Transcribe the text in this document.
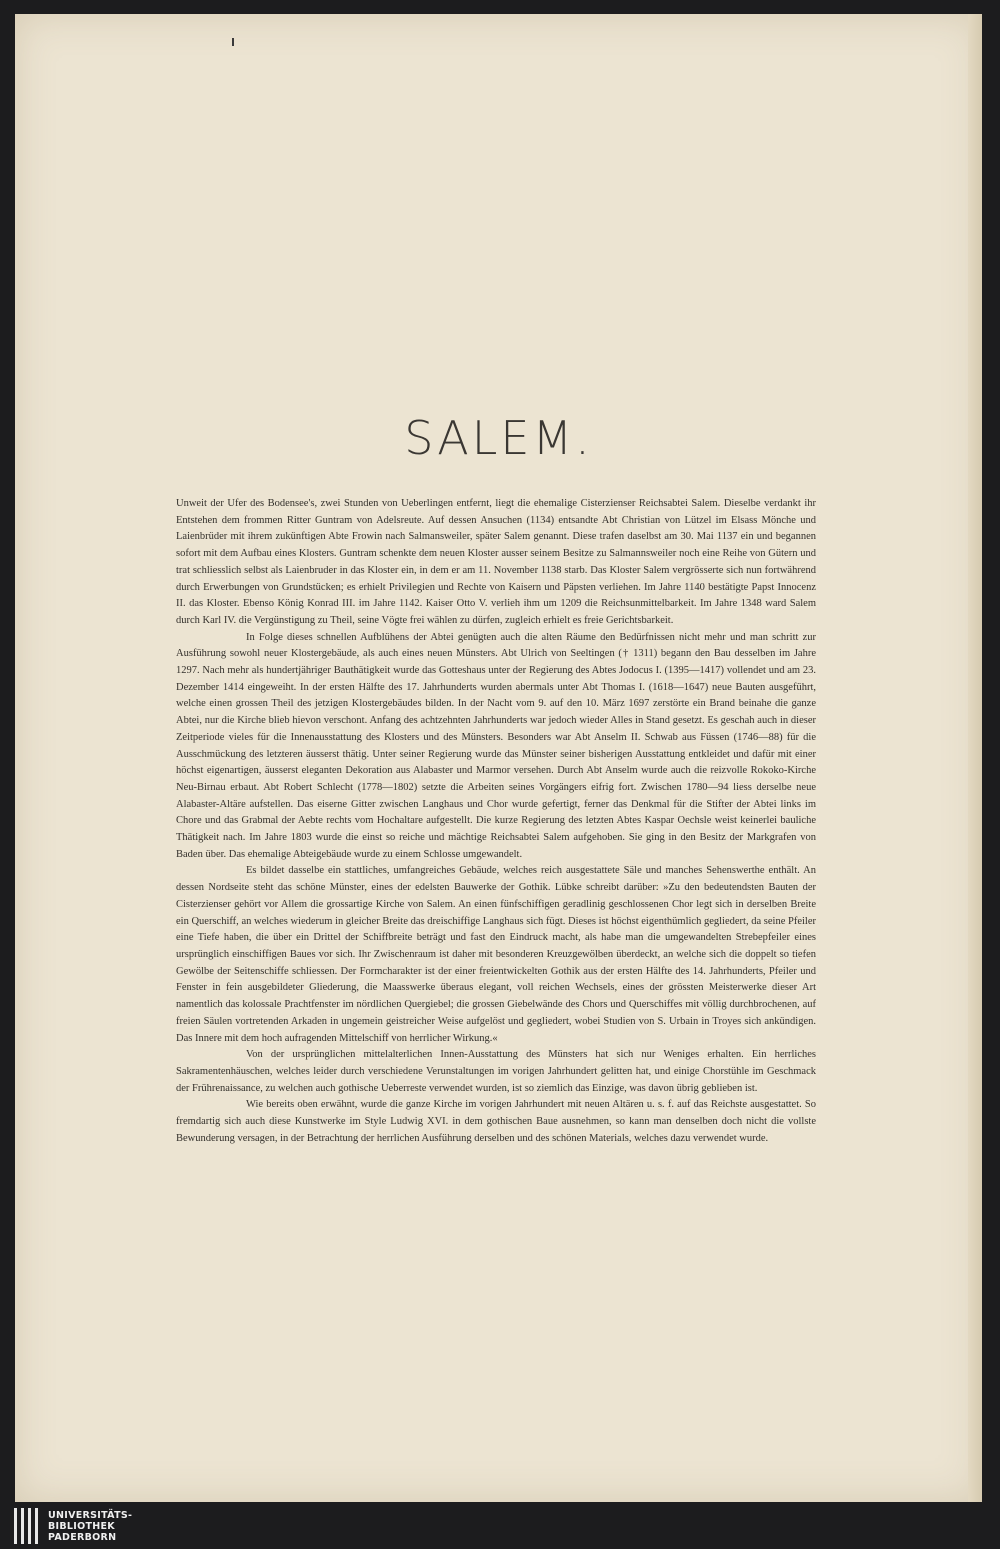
SALEM.

Unweit der Ufer des Bodensee's, zwei Stunden von Ueberlingen entfernt, liegt die ehemalige Cisterzienser Reichsabtei Salem. Dieselbe verdankt ihr Entstehen dem frommen Ritter Guntram von Adelsreute. Auf dessen Ansuchen (1134) entsandte Abt Christian von Lützel im Elsass Mönche und Laienbrüder mit ihrem zukünftigen Abte Frowin nach Salmansweiler, später Salem genannt. Diese trafen daselbst am 30. Mai 1137 ein und begannen sofort mit dem Aufbau eines Klosters. Guntram schenkte dem neuen Kloster ausser seinem Besitze zu Salmannsweiler noch eine Reihe von Gütern und trat schliesslich selbst als Laienbruder in das Kloster ein, in dem er am 11. November 1138 starb. Das Kloster Salem vergrösserte sich nun fortwährend durch Erwerbungen von Grundstücken; es erhielt Privilegien und Rechte von Kaisern und Päpsten verliehen. Im Jahre 1140 bestätigte Papst Innocenz II. das Kloster. Ebenso König Konrad III. im Jahre 1142. Kaiser Otto V. verlieh ihm um 1209 die Reichsunmittelbarkeit. Im Jahre 1348 ward Salem durch Karl IV. die Vergünstigung zu Theil, seine Vögte frei wählen zu dürfen, zugleich erhielt es freie Gerichtsbarkeit.

In Folge dieses schnellen Aufblühens der Abtei genügten auch die alten Räume den Bedürfnissen nicht mehr und man schritt zur Ausführung sowohl neuer Klostergebäude, als auch eines neuen Münsters. Abt Ulrich von Seeltingen († 1311) begann den Bau desselben im Jahre 1297. Nach mehr als hundertjähriger Bauthätigkeit wurde das Gotteshaus unter der Regierung des Abtes Jodocus I. (1395—1417) vollendet und am 23. Dezember 1414 eingeweiht. In der ersten Hälfte des 17. Jahrhunderts wurden abermals unter Abt Thomas I. (1618—1647) neue Bauten ausgeführt, welche einen grossen Theil des jetzigen Klostergebäudes bilden. In der Nacht vom 9. auf den 10. März 1697 zerstörte ein Brand beinahe die ganze Abtei, nur die Kirche blieb hievon verschont. Anfang des achtzehnten Jahrhunderts war jedoch wieder Alles in Stand gesetzt. Es geschah auch in dieser Zeitperiode vieles für die Innenausstattung des Klosters und des Münsters. Besonders war Abt Anselm II. Schwab aus Füssen (1746—88) für die Ausschmückung des letzteren äusserst thätig. Unter seiner Regierung wurde das Münster seiner bisherigen Ausstattung entkleidet und dafür mit einer höchst eigenartigen, äusserst eleganten Dekoration aus Alabaster und Marmor versehen. Durch Abt Anselm wurde auch die reizvolle Rokoko-Kirche Neu-Birnau erbaut. Abt Robert Schlecht (1778—1802) setzte die Arbeiten seines Vorgängers eifrig fort. Zwischen 1780—94 liess derselbe neue Alabaster-Altäre aufstellen. Das eiserne Gitter zwischen Langhaus und Chor wurde gefertigt, ferner das Denkmal für die Stifter der Abtei links im Chore und das Grabmal der Aebte rechts vom Hochaltare aufgestellt. Die kurze Regierung des letzten Abtes Kaspar Oechsle weist keinerlei bauliche Thätigkeit nach. Im Jahre 1803 wurde die einst so reiche und mächtige Reichsabtei Salem aufgehoben. Sie ging in den Besitz der Markgrafen von Baden über. Das ehemalige Abteigebäude wurde zu einem Schlosse umgewandelt.

Es bildet dasselbe ein stattliches, umfangreiches Gebäude, welches reich ausgestattete Säle und manches Sehenswerthe enthält. An dessen Nordseite steht das schöne Münster, eines der edelsten Bauwerke der Gothik. Lübke schreibt darüber: »Zu den bedeutendsten Bauten der Cisterzienser gehört vor Allem die grossartige Kirche von Salem. An einen fünfschiffigen geradlinig geschlossenen Chor legt sich in derselben Breite ein Querschiff, an welches wiederum in gleicher Breite das dreischiffige Langhaus sich fügt. Dieses ist höchst eigenthümlich gegliedert, da seine Pfeiler eine Tiefe haben, die über ein Drittel der Schiffbreite beträgt und fast den Eindruck macht, als habe man die umgewandelten Strebepfeiler eines ursprünglich einschiffigen Baues vor sich. Ihr Zwischenraum ist daher mit besonderen Kreuzgewölben überdeckt, an welche sich die doppelt so tiefen Gewölbe der Seitenschiffe schliessen. Der Formcharakter ist der einer freientwickelten Gothik aus der ersten Hälfte des 14. Jahrhunderts, Pfeiler und Fenster in fein ausgebildeter Gliederung, die Maasswerke überaus elegant, voll reichen Wechsels, eines der grössten Meisterwerke dieser Art namentlich das kolossale Prachtfenster im nördlichen Quergiebel; die grossen Giebelwände des Chors und Querschiffes mit völlig durchbrochenen, auf freien Säulen vortretenden Arkaden in ungemein geistreicher Weise aufgelöst und gegliedert, wobei Studien von S. Urbain in Troyes sich ankündigen. Das Innere mit dem hoch aufragenden Mittelschiff von herrlicher Wirkung.«

Von der ursprünglichen mittelalterlichen Innen-Ausstattung des Münsters hat sich nur Weniges erhalten. Ein herrliches Sakramentenhäuschen, welches leider durch verschiedene Verunstaltungen im vorigen Jahrhundert gelitten hat, und einige Chorstühle im Geschmack der Frührenaissance, zu welchen auch gothische Ueberreste verwendet wurden, ist so ziemlich das Einzige, was davon übrig geblieben ist.

Wie bereits oben erwähnt, wurde die ganze Kirche im vorigen Jahrhundert mit neuen Altären u. s. f. auf das Reichste ausgestattet. So fremdartig sich auch diese Kunstwerke im Style Ludwig XVI. in dem gothischen Baue ausnehmen, so kann man denselben doch nicht die vollste Bewunderung versagen, in der Betrachtung der herrlichen Ausführung derselben und des schönen Materials, welches dazu verwendet wurde.

UNIVERSITÄTS-
BIBLIOTHEK
PADERBORN
